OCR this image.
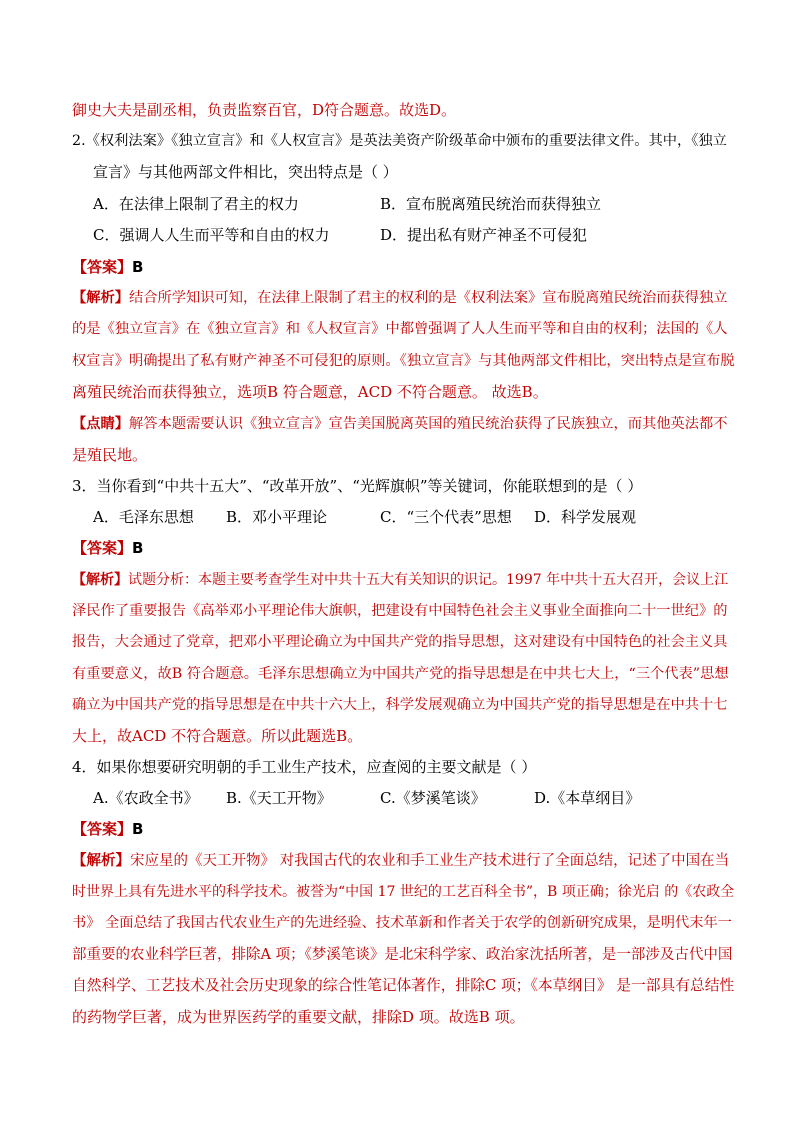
御史大夫是副丞相，负责监察百官，D符合题意。故选D。
2.《权利法案》《独立宣言》和《人权宣言》是英法美资产阶级革命中颁布的重要法律文件。其中，《独立
宣言》与其他两部文件相比，突出特点是（ ）
A．在法律上限制了君主的权力	B．宣布脱离殖民统治而获得独立
C．强调人人生而平等和自由的权力	D．提出私有财产神圣不可侵犯
【答案】B
【解析】结合所学知识可知，在法律上限制了君主的权利的是《权利法案》宣布脱离殖民统治而获得独立
的是《独立宣言》在《独立宣言》和《人权宣言》中都曾强调了人人生而平等和自由的权利；法国的《人
权宣言》明确提出了私有财产神圣不可侵犯的原则。《独立宣言》与其他两部文件相比，突出特点是宣布脱
离殖民统治而获得独立，选项B 符合题意，ACD 不符合题意。 故选B。
【点睛】解答本题需要认识《独立宣言》宣告美国脱离英国的殖民统治获得了民族独立，而其他英法都不
是殖民地。
3．当你看到“中共十五大”、“改革开放”、“光辉旗帜”等关键词，你能联想到的是（ ）
A．毛泽东思想 B．邓小平理论	C．“三个代表”思想 D．科学发展观
【答案】B
【解析】试题分析：本题主要考查学生对中共十五大有关知识的识记。1997 年中共十五大召开，会议上江
泽民作了重要报告《高举邓小平理论伟大旗帜，把建设有中国特色社会主义事业全面推向二十一世纪》的
报告，大会通过了党章，把邓小平理论确立为中国共产党的指导思想，这对建设有中国特色的社会主义具
有重要意义，故B 符合题意。毛泽东思想确立为中国共产党的指导思想是在中共七大上，“三个代表”思想
确立为中国共产党的指导思想是在中共十六大上，科学发展观确立为中国共产党的指导思想是在中共十七
大上，故ACD 不符合题意。所以此题选B。
4．如果你想要研究明朝的手工业生产技术，应查阅的主要文献是（ ）
A.《农政全书》 B.《天工开物》	C.《梦溪笔谈》	D.《本草纲目》
【答案】B
【解析】宋应星的《天工开物》 对我国古代的农业和手工业生产技术进行了全面总结，记述了中国在当
时世界上具有先进水平的科学技术。被誉为“中国 17 世纪的工艺百科全书”，B 项正确；徐光启 的《农政全
书》 全面总结了我国古代农业生产的先进经验、技术革新和作者关于农学的创新研究成果，是明代末年一
部重要的农业科学巨著，排除A 项；《梦溪笔谈》是北宋科学家、政治家沈括所著，是一部涉及古代中国
自然科学、工艺技术及社会历史现象的综合性笔记体著作，排除C 项；《本草纲目》 是一部具有总结性
的药物学巨著，成为世界医药学的重要文献，排除D 项。故选B 项。
